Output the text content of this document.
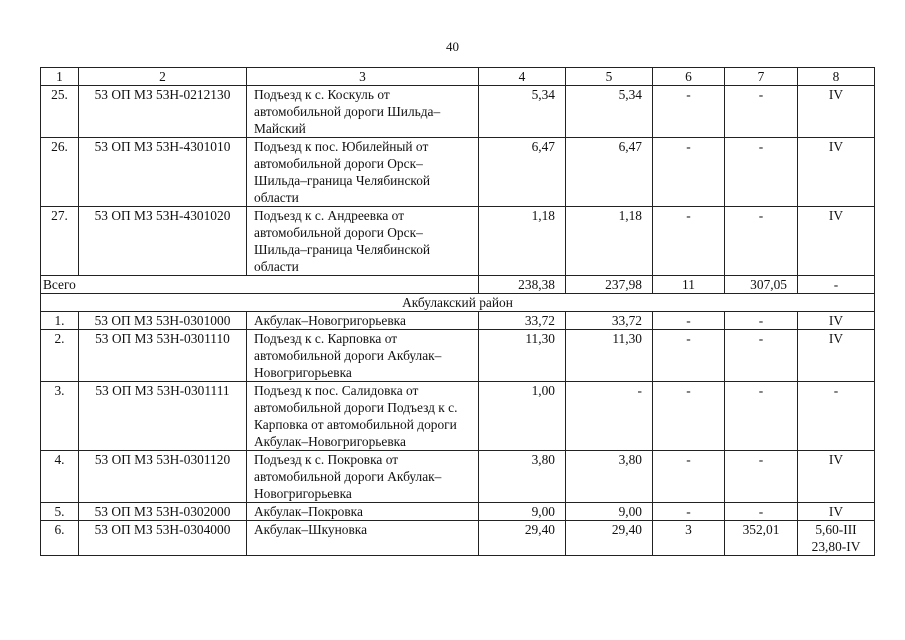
40
1	2	3	4	5	6	7	8
25.	53 ОП МЗ 53Н-0212130	Подъезд к с. Коскуль от автомобильной дороги Шильда–Майский	5,34	5,34	-	-	IV
26.	53 ОП МЗ 53Н-4301010	Подъезд к пос. Юбилейный от автомобильной дороги Орск–Шильда–граница Челябинской области	6,47	6,47	-	-	IV
27.	53 ОП МЗ 53Н-4301020	Подъезд к с. Андреевка от автомобильной дороги Орск–Шильда–граница Челябинской области	1,18	1,18	-	-	IV
Всего			238,38	237,98	11	307,05	-
Акбулакский район							
1.	53 ОП МЗ 53Н-0301000	Акбулак–Новогригорьевка	33,72	33,72	-	-	IV
2.	53 ОП МЗ 53Н-0301110	Подъезд к с. Карповка от автомобильной дороги Акбулак–Новогригорьевка	11,30	11,30	-	-	IV
3.	53 ОП МЗ 53Н-0301111	Подъезд к пос. Салидовка от автомобильной дороги Подъезд к с. Карповка от автомобильной дороги Акбулак–Новогригорьевка	1,00	-	-	-	-
4.	53 ОП МЗ 53Н-0301120	Подъезд к с. Покровка от автомобильной дороги Акбулак–Новогригорьевка	3,80	3,80	-	-	IV
5.	53 ОП МЗ 53Н-0302000	Акбулак–Покровка	9,00	9,00	-	-	IV
6.	53 ОП МЗ 53Н-0304000	Акбулак–Шкуновка	29,40	29,40	3	352,01	5,60-III 23,80-IV
